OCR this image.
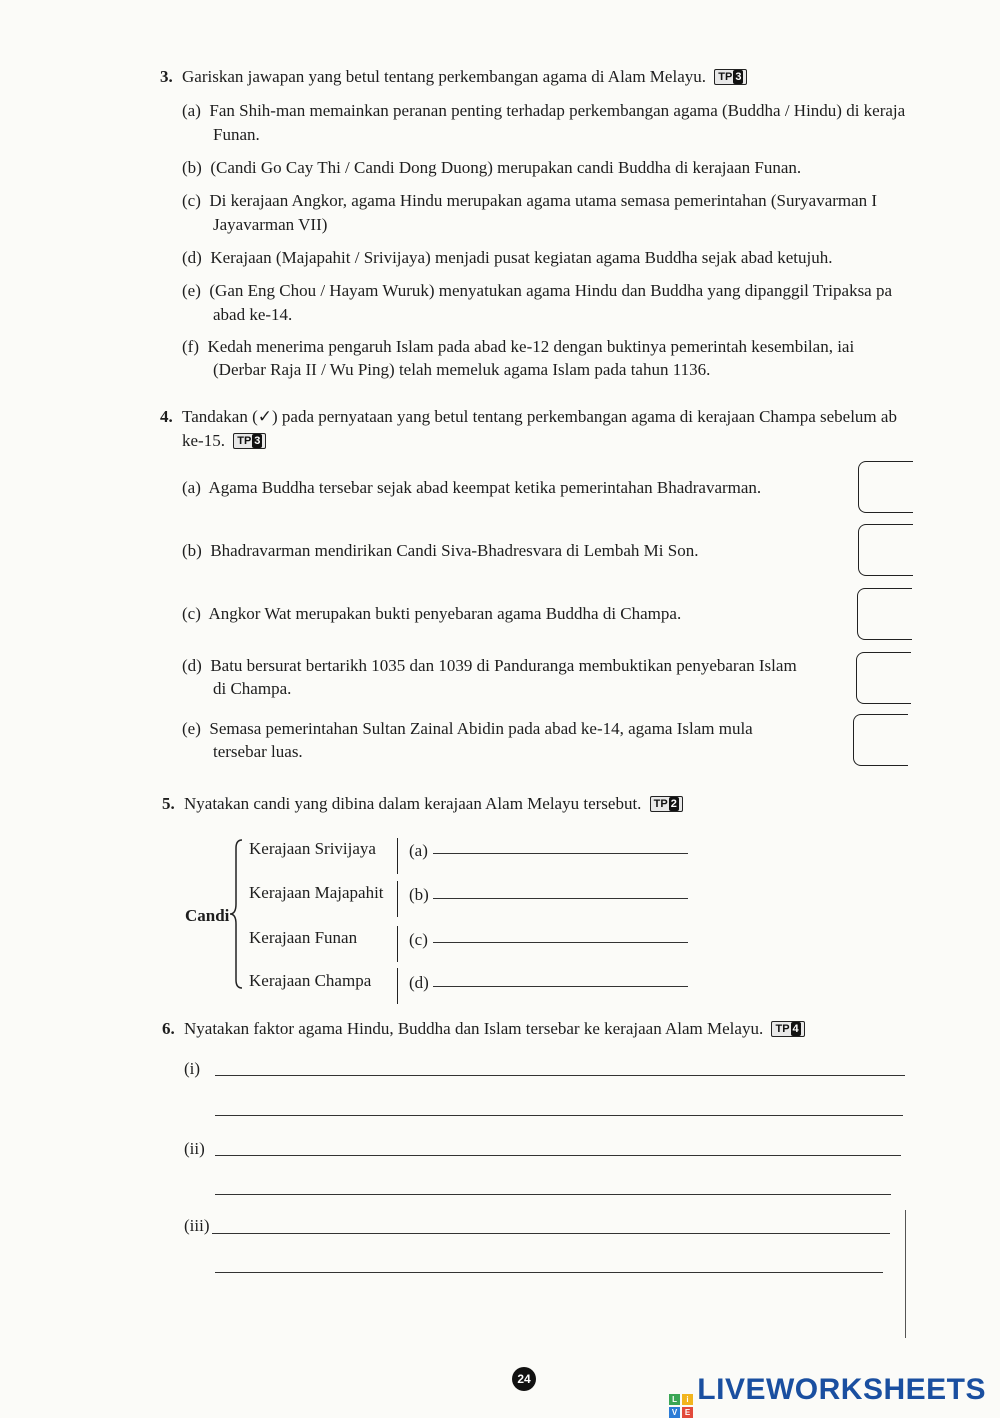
3. Gariskan jawapan yang betul tentang perkembangan agama di Alam Melayu. TP 3
(a) Fan Shih-man memainkan peranan penting terhadap perkembangan agama (Buddha / Hindu) di keraja
Funan.
(b) (Candi Go Cay Thi / Candi Dong Duong) merupakan candi Buddha di kerajaan Funan.
(c) Di kerajaan Angkor, agama Hindu merupakan agama utama semasa pemerintahan (Suryavarman I
Jayavarman VII)
(d) Kerajaan (Majapahit / Srivijaya) menjadi pusat kegiatan agama Buddha sejak abad ketujuh.
(e) (Gan Eng Chou / Hayam Wuruk) menyatukan agama Hindu dan Buddha yang dipanggil Tripaksa pa
abad ke-14.
(f) Kedah menerima pengaruh Islam pada abad ke-12 dengan buktinya pemerintah kesembilan, iai
(Derbar Raja II / Wu Ping) telah memeluk agama Islam pada tahun 1136.
4. Tandakan (✓) pada pernyataan yang betul tentang perkembangan agama di kerajaan Champa sebelum ab
ke-15. TP 3
(a) Agama Buddha tersebar sejak abad keempat ketika pemerintahan Bhadravarman.
(b) Bhadravarman mendirikan Candi Siva-Bhadresvara di Lembah Mi Son.
(c) Angkor Wat merupakan bukti penyebaran agama Buddha di Champa.
(d) Batu bersurat bertarikh 1035 dan 1039 di Panduranga membuktikan penyebaran Islam
di Champa.
(e) Semasa pemerintahan Sultan Zainal Abidin pada abad ke-14, agama Islam mula
tersebar luas.
5. Nyatakan candi yang dibina dalam kerajaan Alam Melayu tersebut. TP 2
Candi
Kerajaan Srivijaya (a)
Kerajaan Majapahit (b)
Kerajaan Funan	(c)
Kerajaan Champa (d)
6. Nyatakan faktor agama Hindu, Buddha dan Islam tersebar ke kerajaan Alam Melayu. TP 4
(i)
(ii)
(iii)
24
L	i
V E
LIVEWORKSHEETS
